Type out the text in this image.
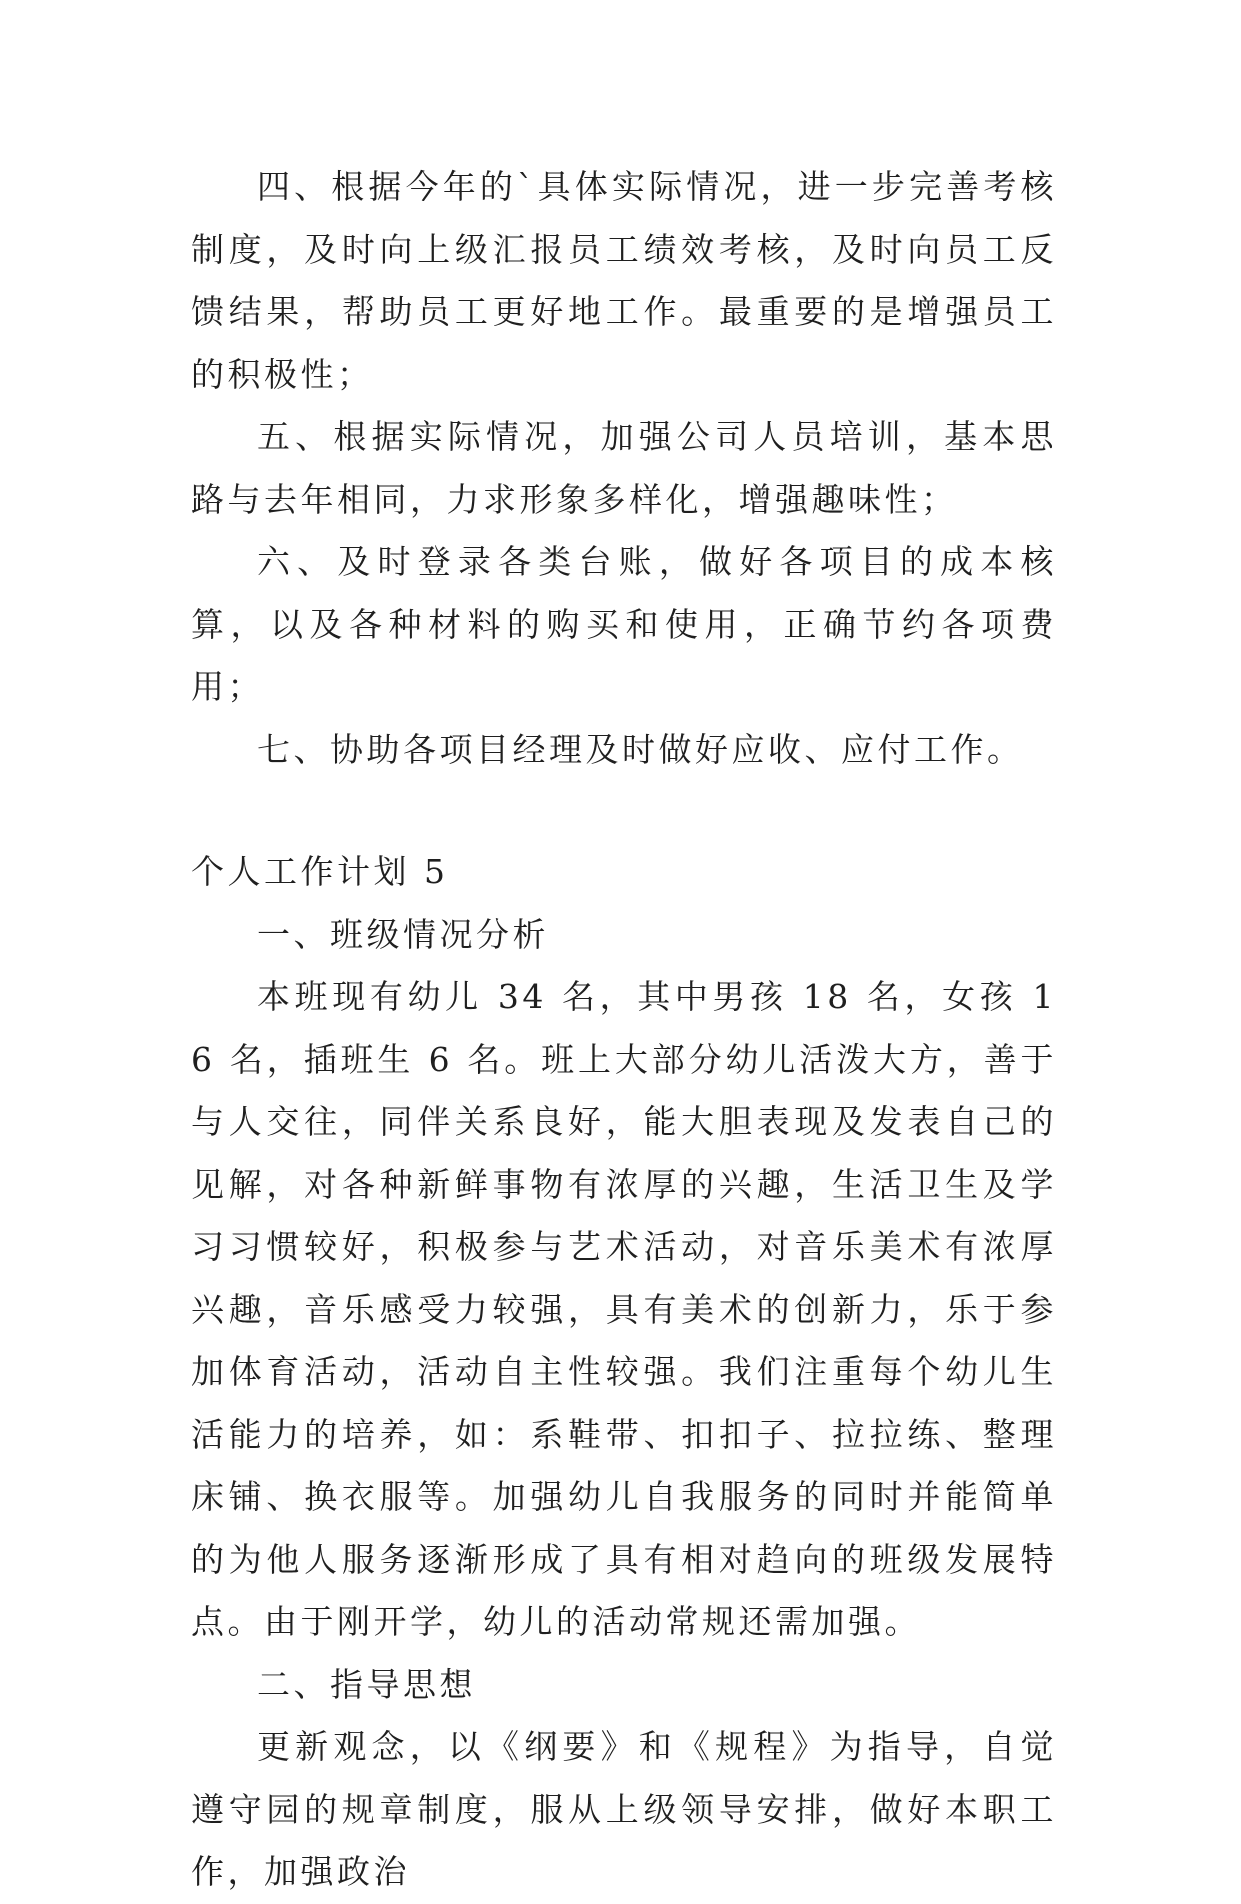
四、根据今年的`具体实际情况，进一步完善考核制度，及时向上级汇报员工绩效考核，及时向员工反馈结果，帮助员工更好地工作。最重要的是增强员工的积极性；

五、根据实际情况，加强公司人员培训，基本思路与去年相同，力求形象多样化，增强趣味性；

六、及时登录各类台账，做好各项目的成本核算，以及各种材料的购买和使用，正确节约各项费用；

七、协助各项目经理及时做好应收、应付工作。

个人工作计划 5

一、班级情况分析

本班现有幼儿 34 名，其中男孩 18 名，女孩 16 名，插班生 6 名。班上大部分幼儿活泼大方，善于与人交往，同伴关系良好，能大胆表现及发表自己的见解，对各种新鲜事物有浓厚的兴趣，生活卫生及学习习惯较好，积极参与艺术活动，对音乐美术有浓厚兴趣，音乐感受力较强，具有美术的创新力，乐于参加体育活动，活动自主性较强。我们注重每个幼儿生活能力的培养，如：系鞋带、扣扣子、拉拉练、整理床铺、换衣服等。加强幼儿自我服务的同时并能简单的为他人服务逐渐形成了具有相对趋向的班级发展特点。由于刚开学，幼儿的活动常规还需加强。

二、指导思想

更新观念，以《纲要》和《规程》为指导，自觉遵守园的规章制度，服从上级领导安排，做好本职工作，加强政治
